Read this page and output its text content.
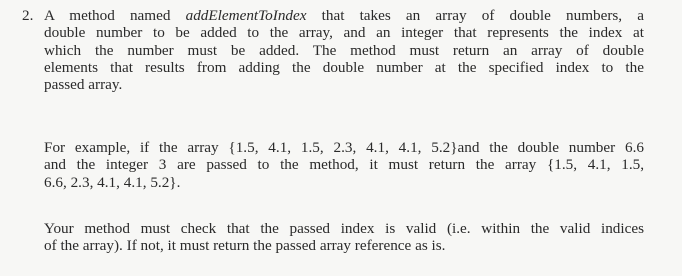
2. A method named addElementToIndex that takes an array of double numbers, a
double number to be added to the array, and an integer that represents the index at
which the number must be added. The method must return an array of double
elements that results from adding the double number at the specified index to the
passed array.
For example, if the array {1.5, 4.1, 1.5, 2.3, 4.1, 4.1, 5.2}and the double number 6.6
and the integer 3 are passed to the method, it must return the array {1.5, 4.1, 1.5,
6.6, 2.3, 4.1, 4.1, 5.2}.
Your method must check that the passed index is valid (i.e. within the valid indices
of the array). If not, it must return the passed array reference as is.
